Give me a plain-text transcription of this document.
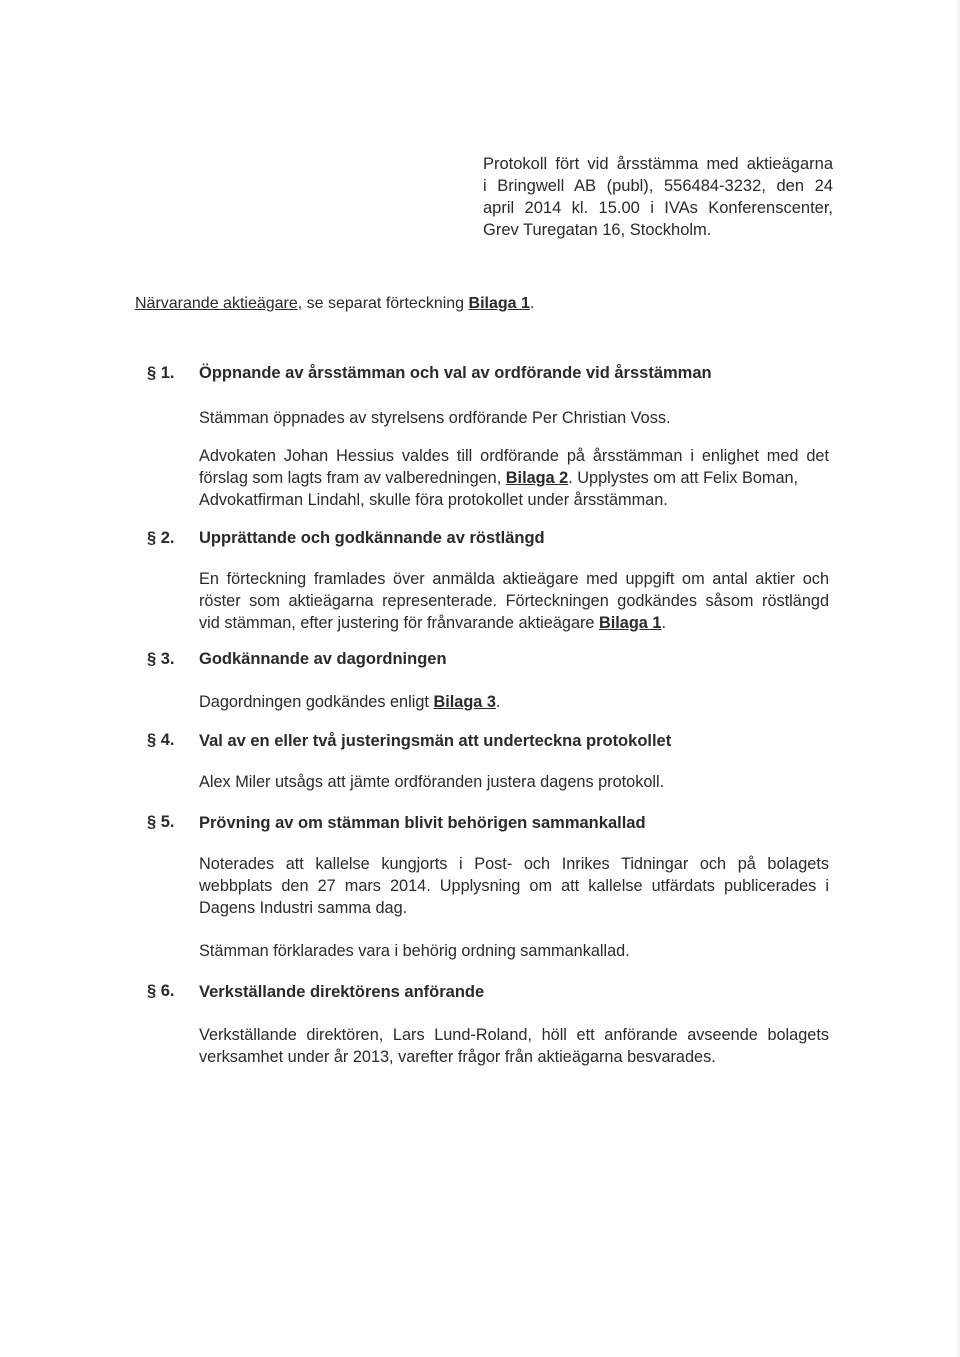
Protokoll fört vid årsstämma med aktieägarna
i Bringwell AB (publ), 556484-3232, den 24
april 2014 kl. 15.00 i IVAs Konferenscenter,
Grev Turegatan 16, Stockholm.
Närvarande aktieägare, se separat förteckning Bilaga 1.
§ 1. Öppnande av årsstämman och val av ordförande vid årsstämman
Stämman öppnades av styrelsens ordförande Per Christian Voss.
Advokaten Johan Hessius valdes till ordförande på årsstämman i enlighet med det
förslag som lagts fram av valberedningen, Bilaga 2. Upplystes om att Felix Boman,
Advokatfirman Lindahl, skulle föra protokollet under årsstämman.
§ 2. Upprättande och godkännande av röstlängd
En förteckning framlades över anmälda aktieägare med uppgift om antal aktier och
röster som aktieägarna representerade. Förteckningen godkändes såsom röstlängd
vid stämman, efter justering för frånvarande aktieägare Bilaga 1.
§ 3. Godkännande av dagordningen
Dagordningen godkändes enligt Bilaga 3.
§ 4. Val av en eller två justeringsmän att underteckna protokollet
Alex Miler utsågs att jämte ordföranden justera dagens protokoll.
§ 5. Prövning av om stämman blivit behörigen sammankallad
Noterades att kallelse kungjorts i Post- och Inrikes Tidningar och på bolagets
webbplats den 27 mars 2014. Upplysning om att kallelse utfärdats publicerades i
Dagens Industri samma dag.
Stämman förklarades vara i behörig ordning sammankallad.
§ 6. Verkställande direktörens anförande
Verkställande direktören, Lars Lund-Roland, höll ett anförande avseende bolagets
verksamhet under år 2013, varefter frågor från aktieägarna besvarades.
